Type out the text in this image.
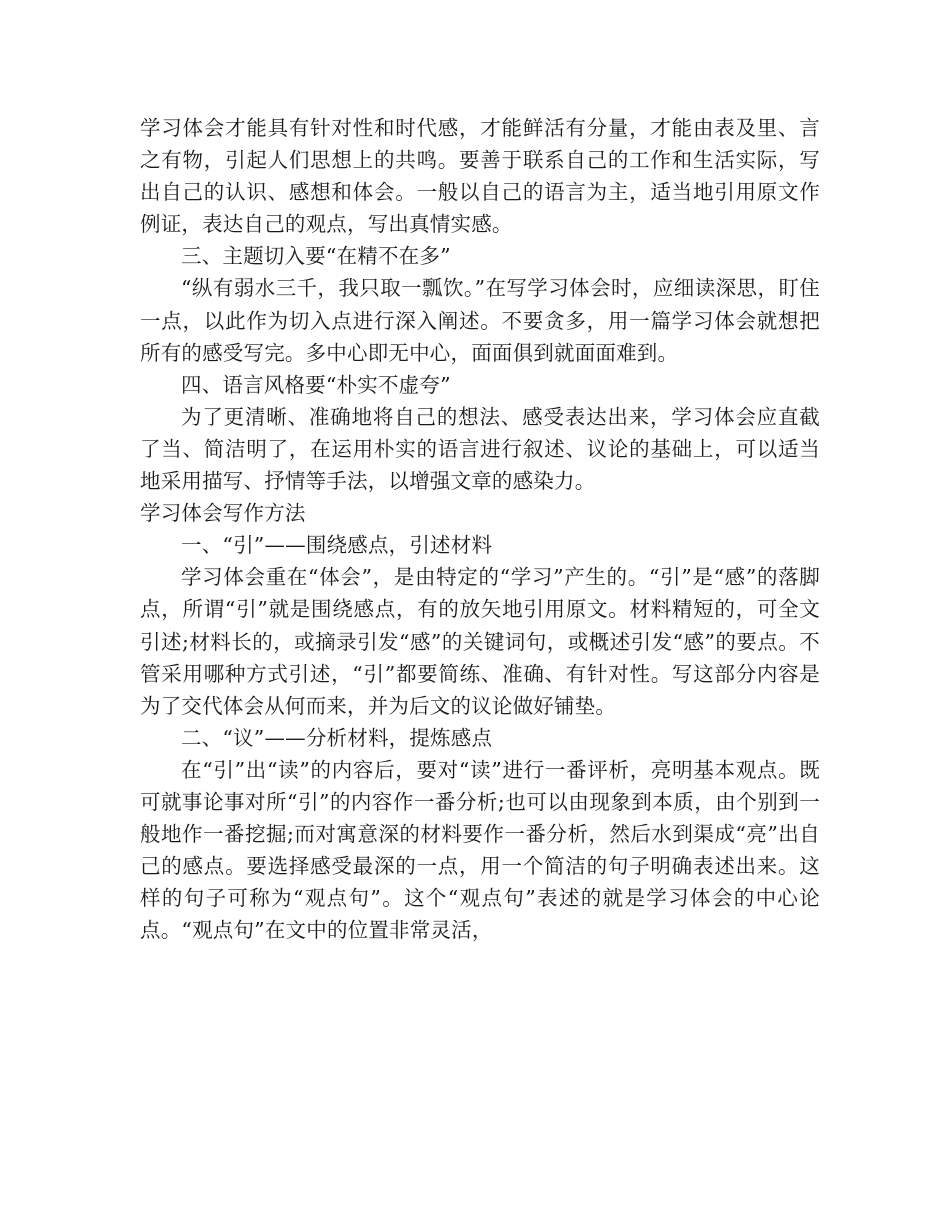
学习体会才能具有针对性和时代感，才能鲜活有分量，才能由表及里、言之有物，引起人们思想上的共鸣。要善于联系自己的工作和生活实际，写出自己的认识、感想和体会。一般以自己的语言为主，适当地引用原文作例证，表达自己的观点，写出真情实感。

三、主题切入要“在精不在多”

“纵有弱水三千，我只取一瓢饮。”在写学习体会时，应细读深思，盯住一点，以此作为切入点进行深入阐述。不要贪多，用一篇学习体会就想把所有的感受写完。多中心即无中心，面面俱到就面面难到。

四、语言风格要“朴实不虚夸”

为了更清晰、准确地将自己的想法、感受表达出来，学习体会应直截了当、简洁明了，在运用朴实的语言进行叙述、议论的基础上，可以适当地采用描写、抒情等手法，以增强文章的感染力。

学习体会写作方法

一、“引”——围绕感点，引述材料

学习体会重在“体会”，是由特定的“学习”产生的。“引”是“感”的落脚点，所谓“引”就是围绕感点，有的放矢地引用原文。材料精短的，可全文引述;材料长的，或摘录引发“感”的关键词句，或概述引发“感”的要点。不管采用哪种方式引述，“引”都要简练、准确、有针对性。写这部分内容是为了交代体会从何而来，并为后文的议论做好铺垫。

二、“议”——分析材料，提炼感点

在“引”出“读”的内容后，要对“读”进行一番评析，亮明基本观点。既可就事论事对所“引”的内容作一番分析;也可以由现象到本质，由个别到一般地作一番挖掘;而对寓意深的材料要作一番分析，然后水到渠成“亮”出自己的感点。要选择感受最深的一点，用一个简洁的句子明确表述出来。这样的句子可称为“观点句”。这个“观点句”表述的就是学习体会的中心论点。“观点句”在文中的位置非常灵活，
